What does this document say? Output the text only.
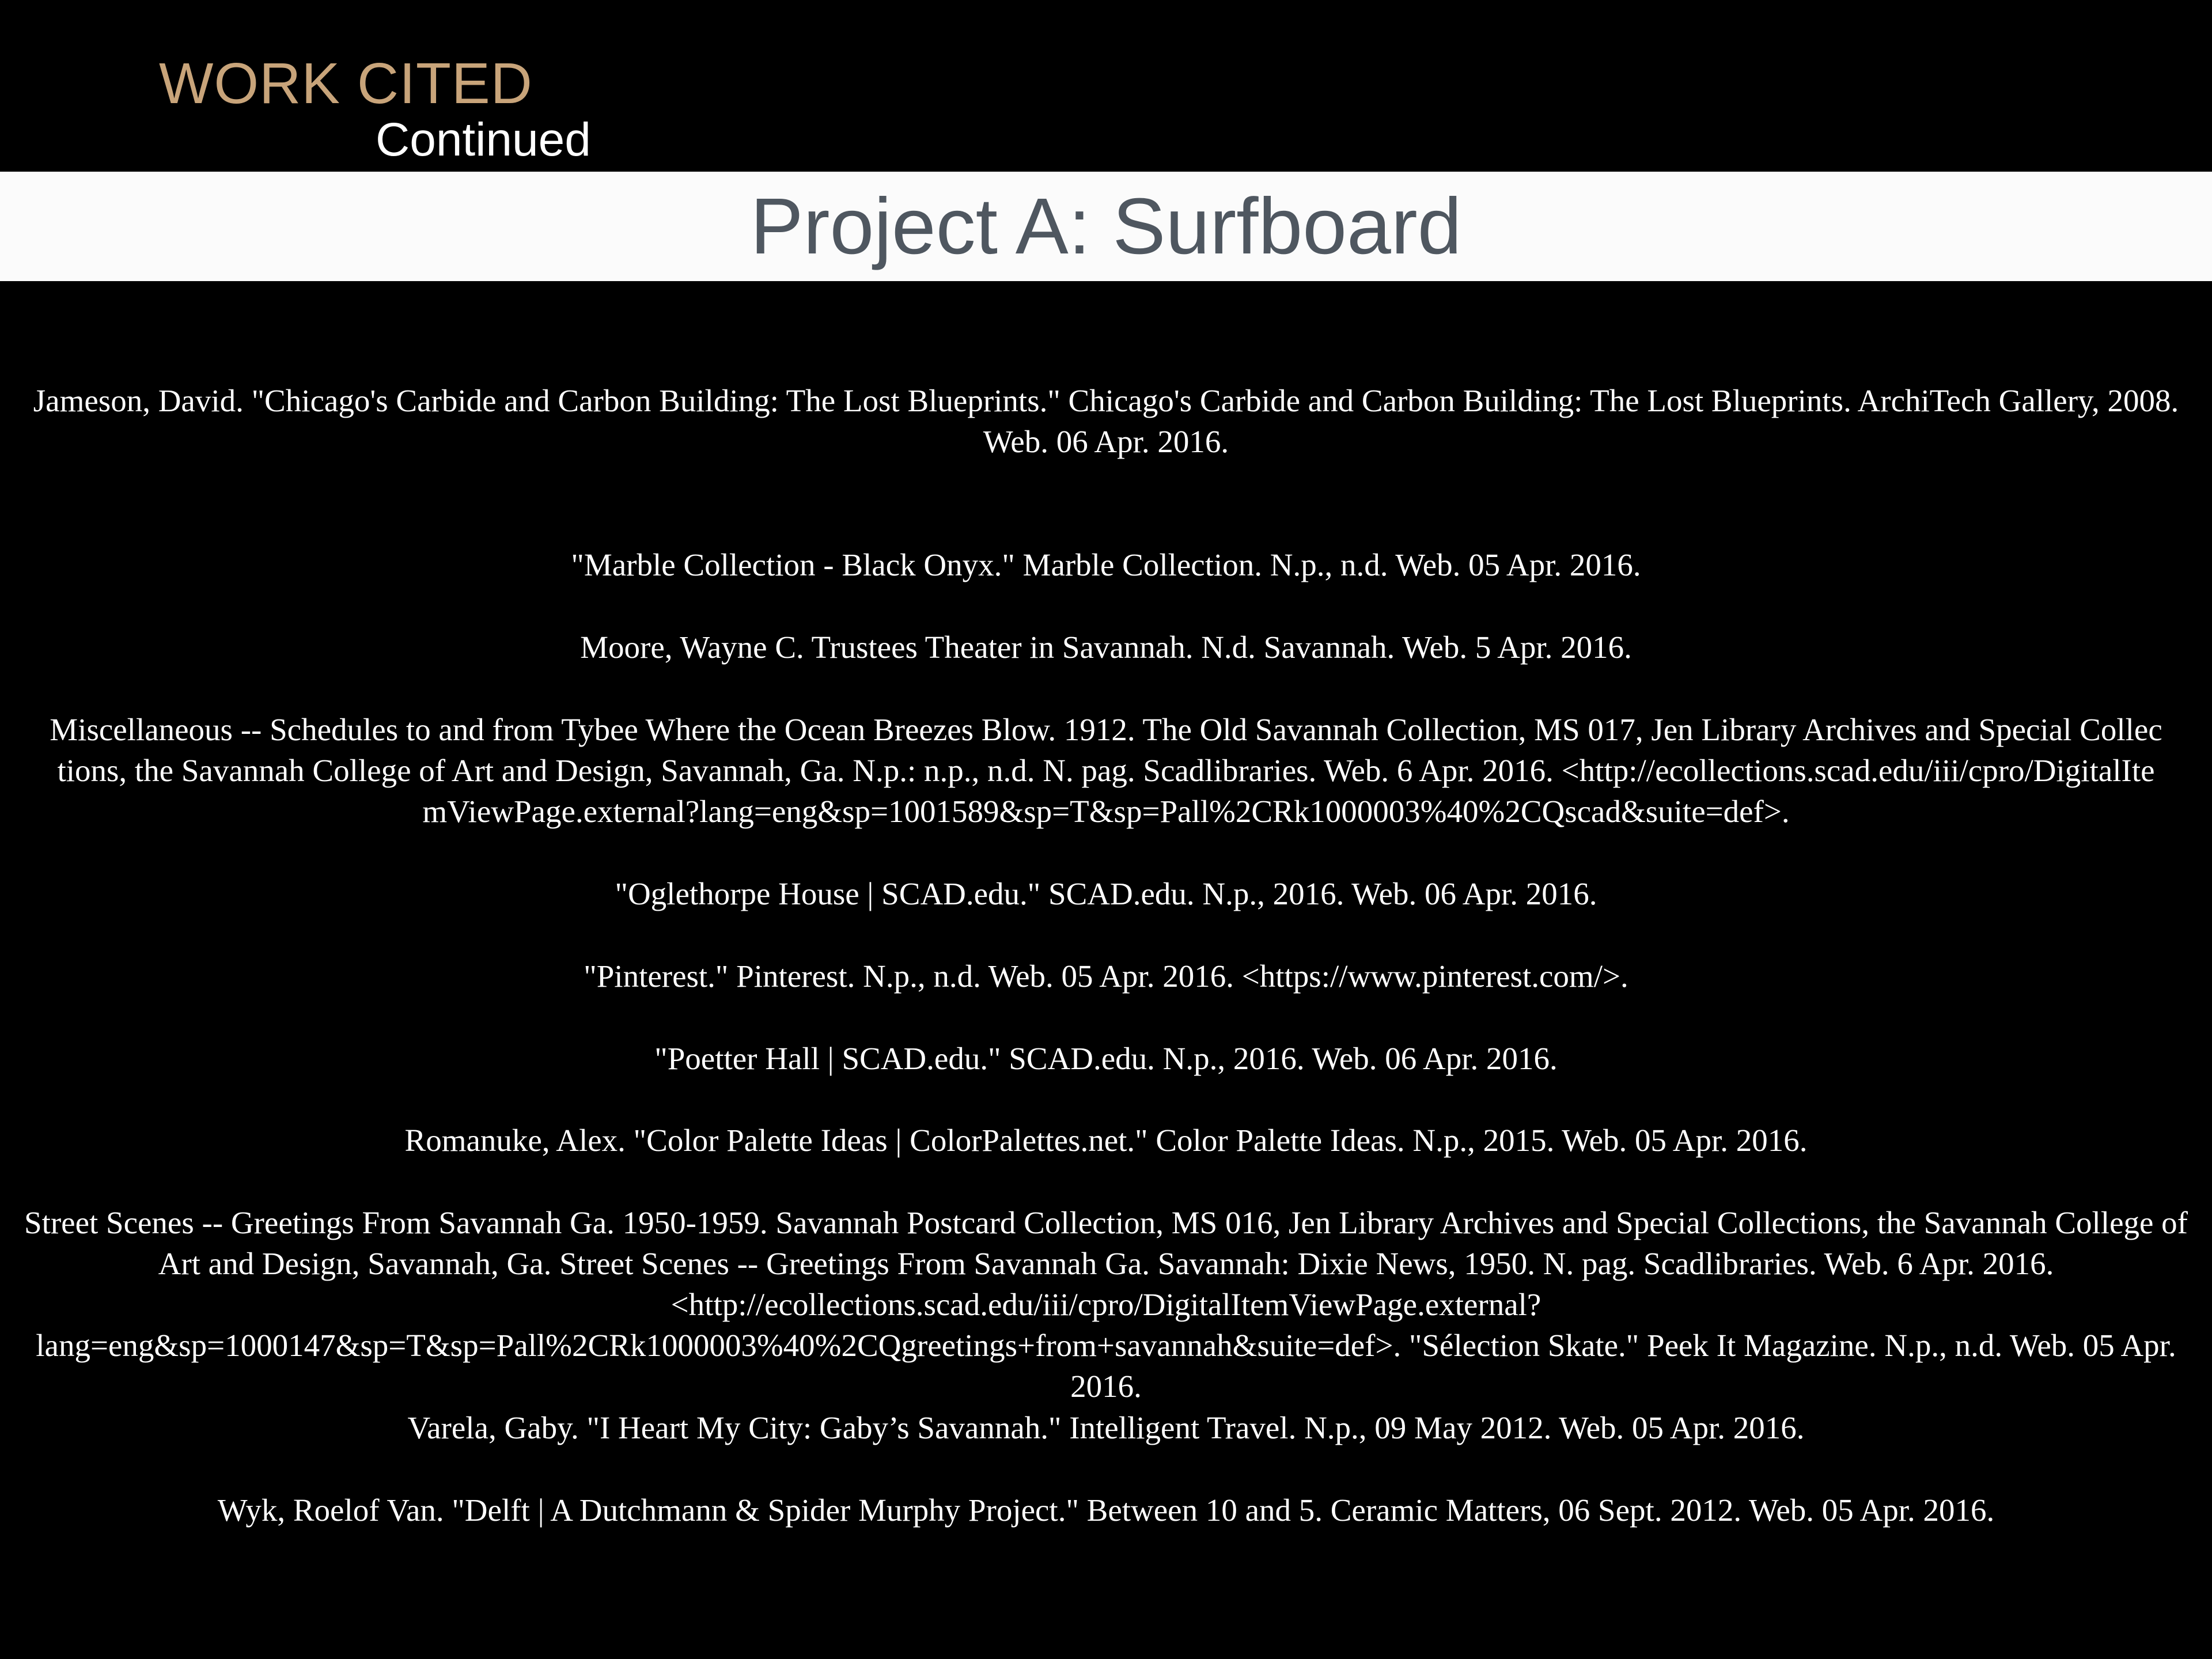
WORK CITED
Continued
Project A: Surfboard

Jameson, David. "Chicago's Carbide and Carbon Building: The Lost Blueprints." Chicago's Carbide and Carbon Building: The Lost Blueprints. ArchiTech Gallery, 2008. Web. 06 Apr. 2016.

"Marble Collection - Black Onyx." Marble Collection. N.p., n.d. Web. 05 Apr. 2016.

Moore, Wayne C. Trustees Theater in Savannah. N.d. Savannah. Web. 5 Apr. 2016.

Miscellaneous -- Schedules to and from Tybee Where the Ocean Breezes Blow. 1912. The Old Savannah Collection, MS 017, Jen Library Archives and Special Collections, the Savannah College of Art and Design, Savannah, Ga. N.p.: n.p., n.d. N. pag. Scadlibraries. Web. 6 Apr. 2016. <http://ecollections.scad.edu/iii/cpro/DigitalItemViewPage.external?lang=eng&sp=1001589&sp=T&sp=Pall%2CRk1000003%40%2CQscad&suite=def>.

"Oglethorpe House | SCAD.edu." SCAD.edu. N.p., 2016. Web. 06 Apr. 2016.

"Pinterest." Pinterest. N.p., n.d. Web. 05 Apr. 2016. <https://www.pinterest.com/>.

"Poetter Hall | SCAD.edu." SCAD.edu. N.p., 2016. Web. 06 Apr. 2016.

Romanuke, Alex. "Color Palette Ideas | ColorPalettes.net." Color Palette Ideas. N.p., 2015. Web. 05 Apr. 2016.

Street Scenes -- Greetings From Savannah Ga. 1950-1959. Savannah Postcard Collection, MS 016, Jen Library Archives and Special Collections, the Savannah College of Art and Design, Savannah, Ga. Street Scenes -- Greetings From Savannah Ga. Savannah: Dixie News, 1950. N. pag. Scadlibraries. Web. 6 Apr. 2016. <http://ecollections.scad.edu/iii/cpro/DigitalItemViewPage.external?lang=eng&sp=1000147&sp=T&sp=Pall%2CRk1000003%40%2CQgreetings+from+savannah&suite=def>. "Sélection Skate." Peek It Magazine. N.p., n.d. Web. 05 Apr. 2016.

Varela, Gaby. "I Heart My City: Gaby’s Savannah." Intelligent Travel. N.p., 09 May 2012. Web. 05 Apr. 2016.

Wyk, Roelof Van. "Delft | A Dutchmann & Spider Murphy Project." Between 10 and 5. Ceramic Matters, 06 Sept. 2012. Web. 05 Apr. 2016.
